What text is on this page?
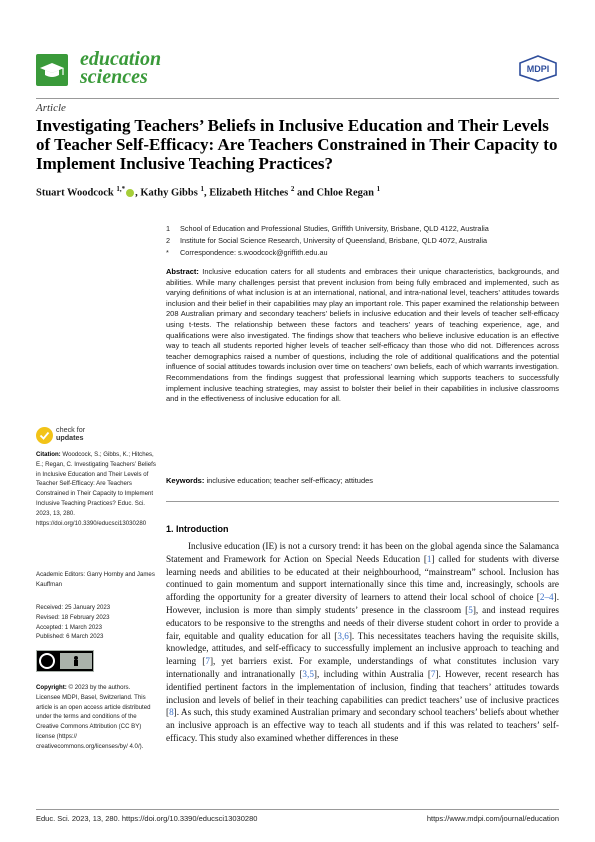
education
sciences	MDPI
Article
Investigating Teachers’ Beliefs in Inclusive Education and Their Levels of Teacher Self-Efficacy: Are Teachers Constrained in Their Capacity to Implement Inclusive Teaching Practices?
Stuart Woodcock $^{1,*}$ , Kathy Gibbs $^1$, Elizabeth Hitches $^2$ and Chloe Regan $^1$
1 School of Education and Professional Studies, Griffith University, Brisbane, QLD 4122, Australia
2 Institute for Social Science Research, University of Queensland, Brisbane, QLD 4072, Australia
* Correspondence: s.woodcock@griffith.edu.au
Abstract: Inclusive education caters for all students and embraces their unique characteristics, backgrounds, and abilities. While many challenges persist that prevent inclusion from being fully embraced and implemented, such as varying definitions of what inclusion is at an international, national, and intra-national level, teachers’ attitudes towards inclusion and their belief in their capabilities may play an important role. This paper examined the relationship between 208 Australian primary and secondary teachers’ beliefs in inclusive education and their levels of teacher self-efficacy using t-tests. The relationship between these factors and teachers’ years of teaching experience, age, and qualifications were also investigated. The findings show that teachers who believe inclusive education is an effective way to teach all students reported higher levels of teacher self-efficacy than those who did not. Differences across teacher demographics raised a number of questions, including the role of additional qualifications and the potential influence of social attitudes towards inclusion over time on teachers’ own beliefs, each of which warrants investigation. Recommendations from the findings suggest that professional learning which supports teachers to successfully implement inclusive teaching strategies, may assist to bolster their belief in their capabilities in inclusive classrooms and in the effectiveness of inclusive education for all.
Keywords: inclusive education; teacher self-efficacy; attitudes
check for
updates
Citation: Woodcock, S.; Gibbs, K.; Hitches, E.; Regan, C. Investigating Teachers’ Beliefs in Inclusive Education and Their Levels of Teacher Self-Efficacy: Are Teachers Constrained in Their Capacity to Implement Inclusive Teaching Practices? Educ. Sci. 2023, 13, 280. https://doi.org/10.3390/educsci13030280
Academic Editors: Garry Hornby and James Kauffman
Received: 25 January 2023
Revised: 18 February 2023
Accepted: 1 March 2023
Published: 6 March 2023
Copyright: © 2023 by the authors. Licensee MDPI, Basel, Switzerland. This article is an open access article distributed under the terms and conditions of the Creative Commons Attribution (CC BY) license (https:// creativecommons.org/licenses/by/ 4.0/).
1. Introduction
Inclusive education (IE) is not a cursory trend: it has been on the global agenda since the Salamanca Statement and Framework for Action on Special Needs Education [1] called for students with diverse learning needs and abilities to be educated at their neighbourhood, “mainstream” school. Inclusion has continued to gain momentum and support internationally since this time and, increasingly, schools are affording the opportunity for a greater diversity of learners to attend their local school of choice [2–4]. However, inclusion is more than simply students’ presence in the classroom [5], and instead requires educators to be responsive to the strengths and needs of their diverse student cohort in order to provide a fair, equitable and quality education for all [3,6]. This necessitates teachers having the requisite skills, knowledge, attitudes, and self-efficacy to successfully implement an inclusive approach to teaching and learning [7], yet barriers exist. For example, understandings of what constitutes inclusion vary internationally and intranationally [3,5], including within Australia [7]. However, recent research has identified pertinent factors in the implementation of inclusion, finding that teachers’ attitudes towards inclusion and levels of belief in their teaching capabilities can predict teachers’ use of inclusive practices [8]. As such, this study examined Australian primary and secondary school teachers’ beliefs about whether an inclusive approach is an effective way to teach all students and if this was related to teachers’ self-efficacy. This study also examined whether differences in these
Educ. Sci. 2023, 13, 280. https://doi.org/10.3390/educsci13030280	https://www.mdpi.com/journal/education
